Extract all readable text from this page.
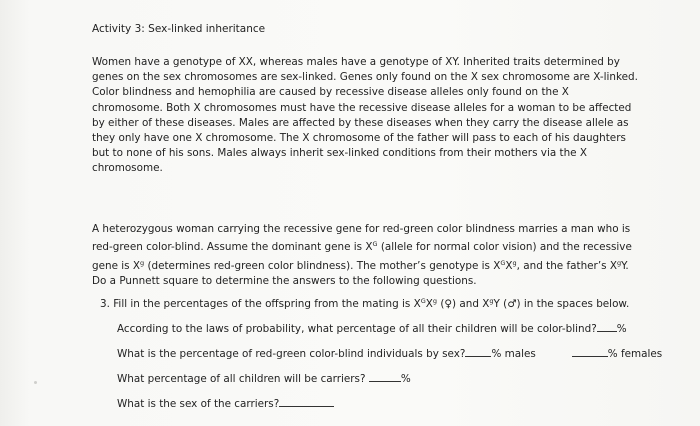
Activity 3: Sex-linked inheritance
Women have a genotype of XX, whereas males have a genotype of XY. Inherited traits determined by
genes on the sex chromosomes are sex-linked. Genes only found on the X sex chromosome are X-linked.
Color blindness and hemophilia are caused by recessive disease alleles only found on the X
chromosome. Both X chromosomes must have the recessive disease alleles for a woman to be affected
by either of these diseases. Males are affected by these diseases when they carry the disease allele as
they only have one X chromosome. The X chromosome of the father will pass to each of his daughters
but to none of his sons. Males always inherit sex-linked conditions from their mothers via the X
chromosome.
A heterozygous woman carrying the recessive gene for red-green color blindness marries a man who is
red-green color-blind. Assume the dominant gene is $X^G$ (allele for normal color vision) and the recessive
gene is $X^g$ (determines red-green color blindness). The mother’s genotype is $X^GX^g$, and the father’s $X^gY$.
Do a Punnett square to determine the answers to the following questions.
3. Fill in the percentages of the offspring from the mating is $X^GX^g$ (♀) and $X^gY$ (♂) in the spaces below.
According to the laws of probability, what percentage of all their children will be color-blind? %
What is the percentage of red-green color-blind individuals by sex?	% males	% females
What percentage of all children will be carriers?	%
What is the sex of the carriers?
